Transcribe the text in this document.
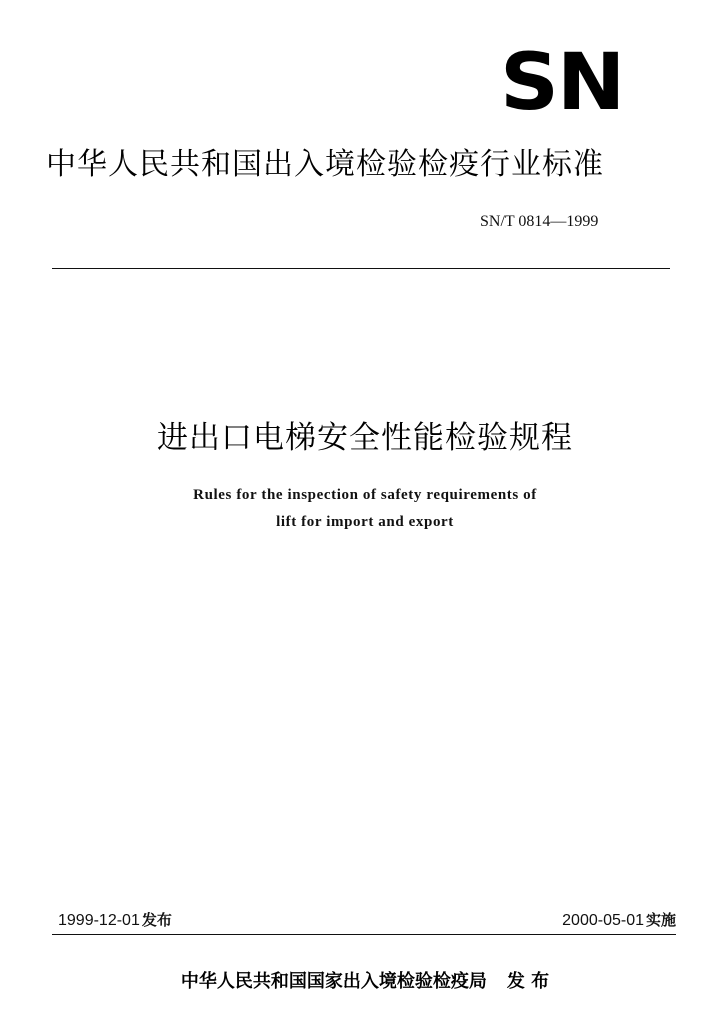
SN
中华人民共和国出入境检验检疫行业标准
SN/T 0814—1999
进出口电梯安全性能检验规程
Rules for the inspection of safety requirements of
lift for import and export
1999-12-01 发布	2000-05-01 实施
中华人民共和国国家出入境检验检疫局 发 布
